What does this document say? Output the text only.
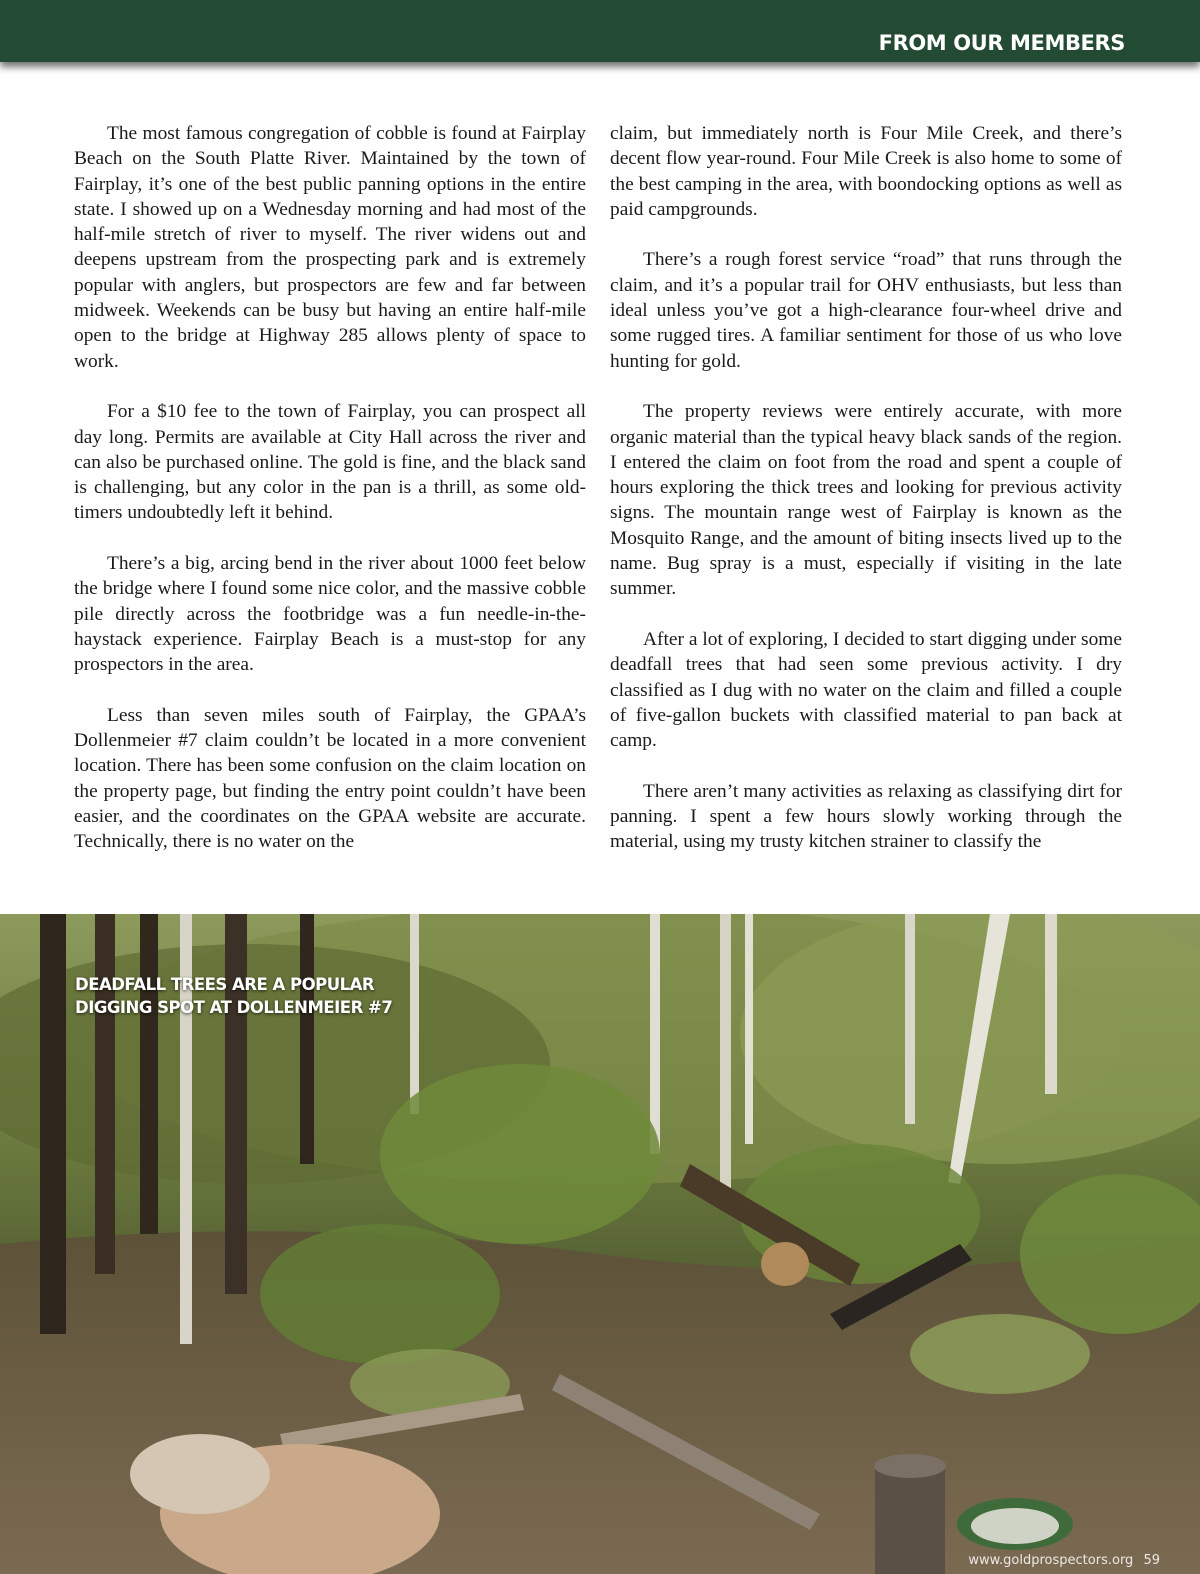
FROM OUR MEMBERS

The most famous congregation of cobble is found at Fairplay Beach on the South Platte River. Maintained by the town of Fairplay, it’s one of the best public panning options in the entire state. I showed up on a Wednesday morning and had most of the half-mile stretch of river to myself. The river widens out and deepens upstream from the prospecting park and is extremely popular with anglers, but prospectors are few and far between midweek. Weekends can be busy but having an entire half-mile open to the bridge at Highway 285 allows plenty of space to work.

For a $10 fee to the town of Fairplay, you can prospect all day long. Permits are available at City Hall across the river and can also be purchased online. The gold is fine, and the black sand is challenging, but any color in the pan is a thrill, as some old-timers undoubtedly left it behind.

There’s a big, arcing bend in the river about 1000 feet below the bridge where I found some nice color, and the massive cobble pile directly across the footbridge was a fun needle-in-the-haystack experience. Fairplay Beach is a must-stop for any prospectors in the area.

Less than seven miles south of Fairplay, the GPAA’s Dollenmeier #7 claim couldn’t be located in a more convenient location. There has been some confusion on the claim location on the property page, but finding the entry point couldn’t have been easier, and the coordinates on the GPAA website are accurate. Technically, there is no water on the

claim, but immediately north is Four Mile Creek, and there’s decent flow year-round. Four Mile Creek is also home to some of the best camping in the area, with boondocking options as well as paid campgrounds.

There’s a rough forest service “road” that runs through the claim, and it’s a popular trail for OHV enthusiasts, but less than ideal unless you’ve got a high-clearance four-wheel drive and some rugged tires. A familiar sentiment for those of us who love hunting for gold.

The property reviews were entirely accurate, with more organic material than the typical heavy black sands of the region. I entered the claim on foot from the road and spent a couple of hours exploring the thick trees and looking for previous activity signs. The mountain range west of Fairplay is known as the Mosquito Range, and the amount of biting insects lived up to the name. Bug spray is a must, especially if visiting in the late summer.

After a lot of exploring, I decided to start digging under some deadfall trees that had seen some previous activity. I dry classified as I dug with no water on the claim and filled a couple of five-gallon buckets with classified material to pan back at camp.

There aren’t many activities as relaxing as classifying dirt for panning. I spent a few hours slowly working through the material, using my trusty kitchen strainer to classify the

DEADFALL TREES ARE A POPULAR
DIGGING SPOT AT DOLLENMEIER #7
www.goldprospectors.org 59
